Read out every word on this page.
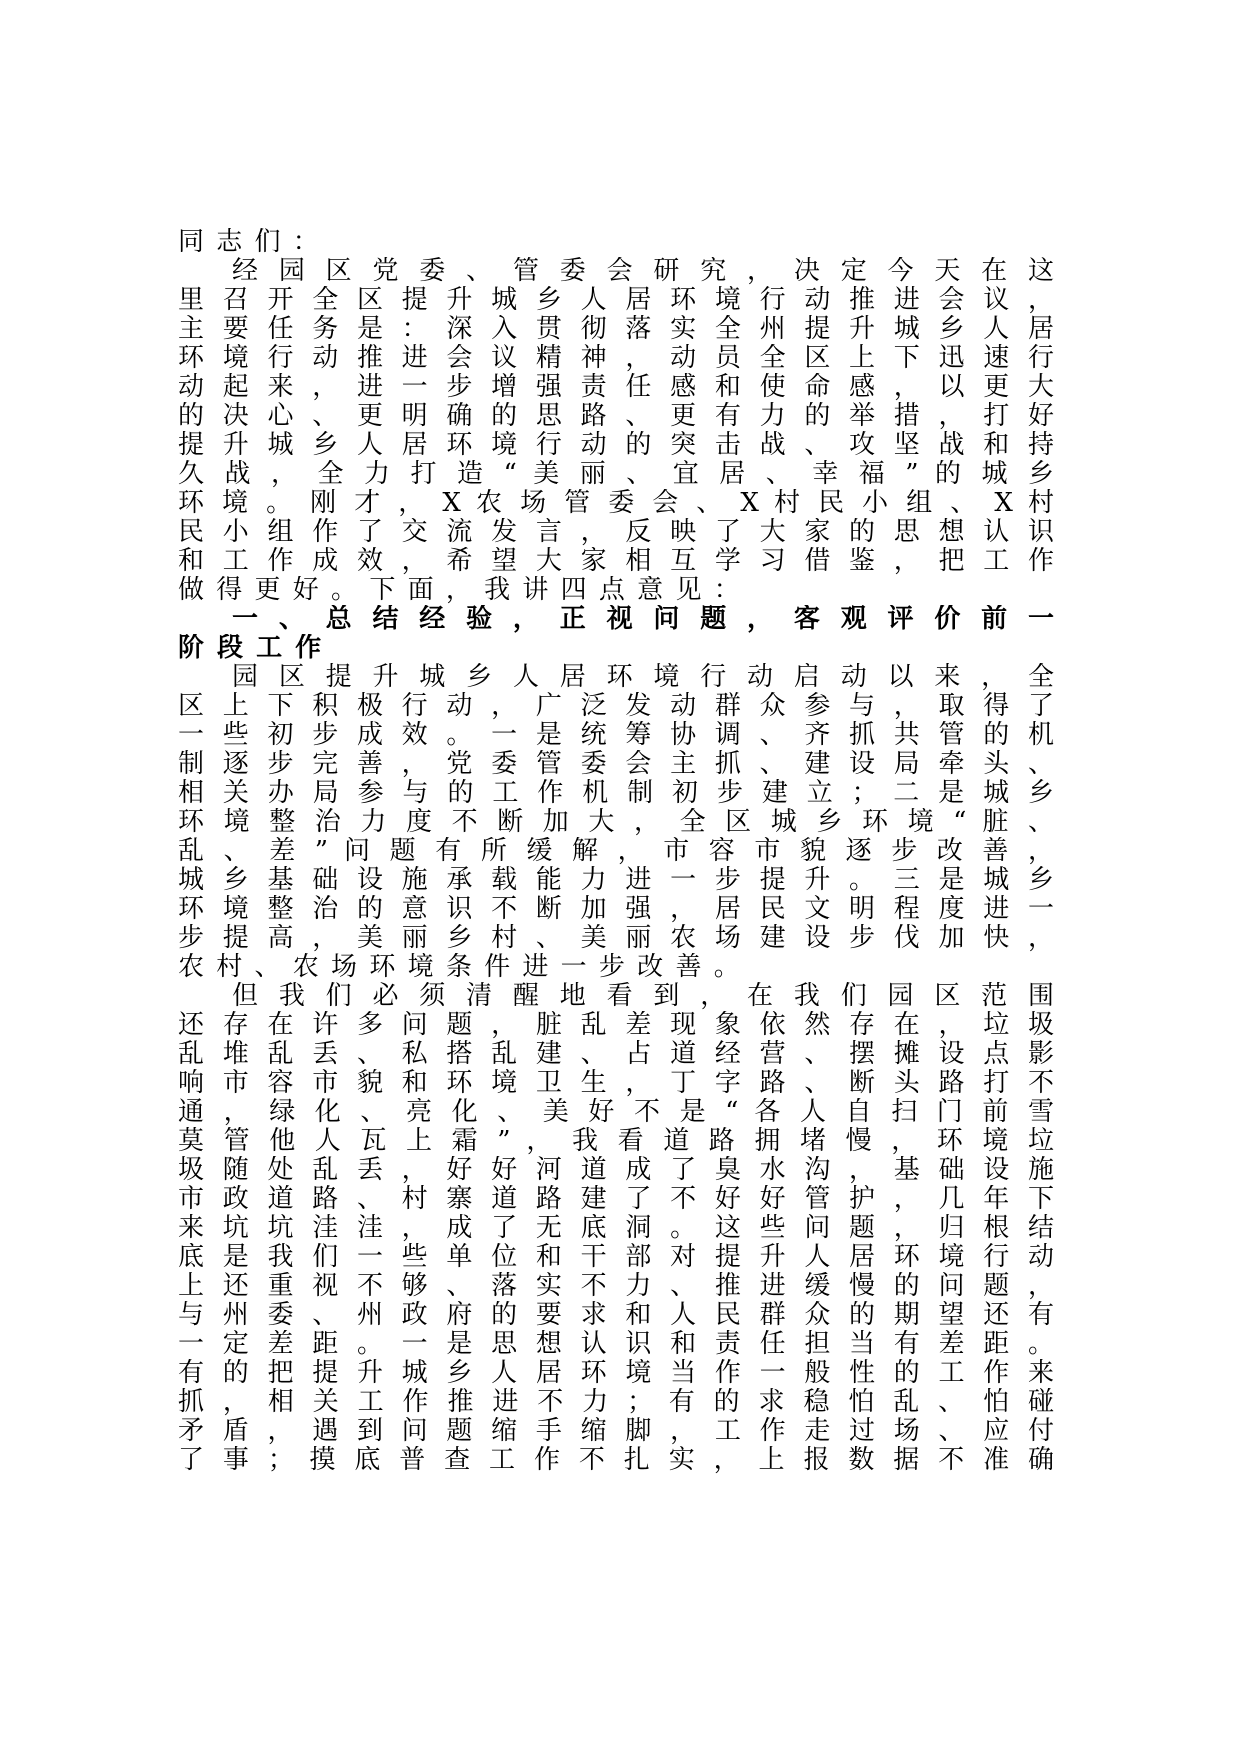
同 志 们 ：
经 园 区 党 委 、 管 委 会 研 究 ， 决 定 今 天 在 这
里 召 开 全 区 提 升 城 乡 人 居 环 境 行 动 推 进 会 议 ，
主 要 任 务 是 ： 深 入 贯 彻 落 实 全 州 提 升 城 乡 人 居
环 境 行 动 推 进 会 议 精 神 ， 动 员 全 区 上 下 迅 速 行
动 起 来 ， 进 一 步 增 强 责 任 感 和 使 命 感 ， 以 更 大
的 决 心 、 更 明 确 的 思 路 、 更 有 力 的 举 措 ， 打 好
提 升 城 乡 人 居 环 境 行 动 的 突 击 战 、 攻 坚 战 和 持
久 战 ， 全 力 打 造 “ 美 丽 、 宜 居 、 幸 福 ” 的 城 乡
环 境 。 刚 才 ， X 农 场 管 委 会 、 X 村 民 小 组 、 X 村
民 小 组 作 了 交 流 发 言 ， 反 映 了 大 家 的 思 想 认 识
和 工 作 成 效 ， 希 望 大 家 相 互 学 习 借 鉴 ， 把 工 作
做 得 更 好 。 下 面 ， 我 讲 四 点 意 见 ：
一 、 总 结 经 验 ， 正 视 问 题 ， 客 观 评 价 前 一
阶 段 工 作
园 区 提 升 城 乡 人 居 环 境 行 动 启 动 以 来 ， 全
区 上 下 积 极 行 动 ， 广 泛 发 动 群 众 参 与 ， 取 得 了
一 些 初 步 成 效 。 一 是 统 筹 协 调 、 齐 抓 共 管 的 机
制 逐 步 完 善 ， 党 委 管 委 会 主 抓 、 建 设 局 牵 头 、
相 关 办 局 参 与 的 工 作 机 制 初 步 建 立 ； 二 是 城 乡
环 境 整 治 力 度 不 断 加 大 ， 全 区 城 乡 环 境 “ 脏 、
乱 、 差 ” 问 题 有 所 缓 解 ， 市 容 市 貌 逐 步 改 善 ，
城 乡 基 础 设 施 承 载 能 力 进 一 步 提 升 。 三 是 城 乡
环 境 整 治 的 意 识 不 断 加 强 ， 居 民 文 明 程 度 进 一
步 提 高 ， 美 丽 乡 村 、 美 丽 农 场 建 设 步 伐 加 快 ，
农 村 、 农 场 环 境 条 件 进 一 步 改 善 。
但 我 们 必 须 清 醒 地 看 到 ， 在 我 们 园 区 范 围
还 存 在 许 多 问 题 ， 脏 乱 差 现 象 依 然 存 在 ， 垃 圾
乱 堆 乱 丢 、 私 搭 乱 建 、 占 道 经 营 、 摆 摊 设 点 影
响 市 容 市 貌 和 环 境 卫 生 ， 丁 字 路 、 断 头 路 打 不
通 ， 绿 化 、 亮 化 、 美 好 不 是 “ 各 人 自 扫 门 前 雪
莫 管 他 人 瓦 上 霜 ” ， 我 看 道 路 拥 堵 慢 ， 环 境 垃
圾 随 处 乱 丢 ， 好 好 河 道 成 了 臭 水 沟 ， 基 础 设 施
市 政 道 路 、 村 寨 道 路 建 了 不 好 好 管 护 ， 几 年 下
来 坑 坑 洼 洼 ， 成 了 无 底 洞 。 这 些 问 题 ， 归 根 结
底 是 我 们 一 些 单 位 和 干 部 对 提 升 人 居 环 境 行 动
上 还 重 视 不 够 、 落 实 不 力 、 推 进 缓 慢 的 问 题 ，
与 州 委 、 州 政 府 的 要 求 和 人 民 群 众 的 期 望 还 有
一 定 差 距 。 一 是 思 想 认 识 和 责 任 担 当 有 差 距 。
有 的 把 提 升 城 乡 人 居 环 境 当 作 一 般 性 的 工 作 来
抓 ， 相 关 工 作 推 进 不 力 ； 有 的 求 稳 怕 乱 、 怕 碰
矛 盾 ， 遇 到 问 题 缩 手 缩 脚 ， 工 作 走 过 场 、 应 付
了 事 ； 摸 底 普 查 工 作 不 扎 实 ， 上 报 数 据 不 准 确
